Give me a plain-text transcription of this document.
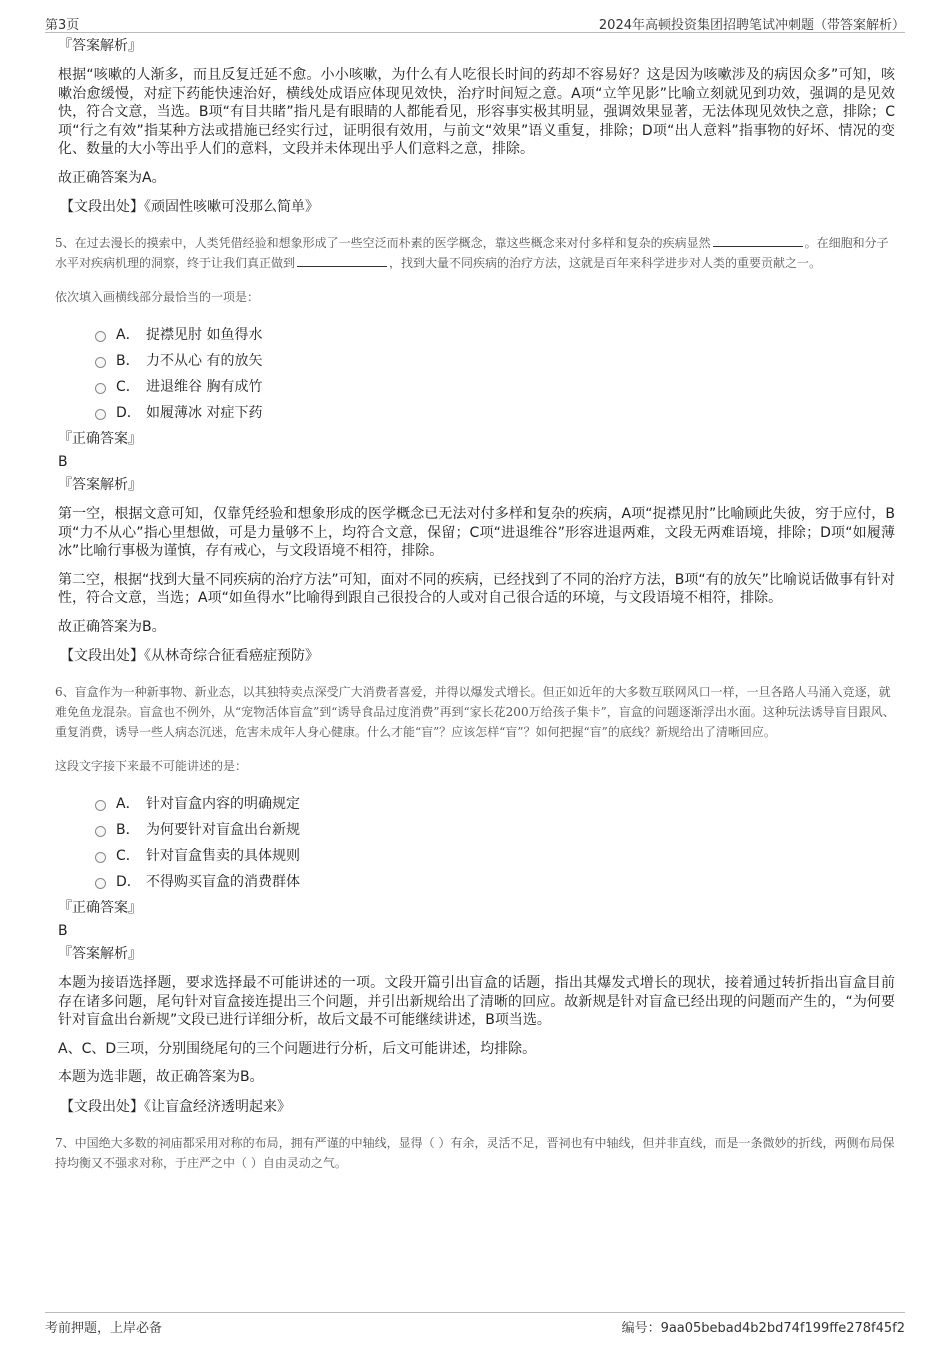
第3页	2024年高顿投资集团招聘笔试冲刺题（带答案解析）
『答案解析』
根据“咳嗽的人渐多，而且反复迁延不愈。小小咳嗽，为什么有人吃很长时间的药却不容易好？这是因为咳嗽涉及的病因众多”可知，咳嗽治愈缓慢，对症下药能快速治好，横线处成语应体现见效快，治疗时间短之意。A项“立竿见影”比喻立刻就见到功效，强调的是见效快，符合文意，当选。B项“有目共睹”指凡是有眼睛的人都能看见，形容事实极其明显，强调效果显著，无法体现见效快之意，排除；C项“行之有效”指某种方法或措施已经实行过，证明很有效用，与前文“效果”语义重复，排除；D项“出人意料”指事物的好坏、情况的变化、数量的大小等出乎人们的意料，文段并未体现出乎人们意料之意，排除。
故正确答案为A。
【文段出处】《顽固性咳嗽可没那么简单》
5、在过去漫长的摸索中，人类凭借经验和想象形成了一些空泛而朴素的医学概念，靠这些概念来对付多样和复杂的疾病显然	。在细胞和分子水平对疾病机理的洞察，终于让我们真正做到	，找到大量不同疾病的治疗方法，这就是百年来科学进步对人类的重要贡献之一。
依次填入画横线部分最恰当的一项是：
A． 捉襟见肘 如鱼得水
B． 力不从心 有的放矢
C． 进退维谷 胸有成竹
D． 如履薄冰 对症下药
『正确答案』
B
『答案解析』
第一空，根据文意可知，仅靠凭经验和想象形成的医学概念已无法对付多样和复杂的疾病，A项“捉襟见肘”比喻顾此失彼，穷于应付，B项“力不从心”指心里想做，可是力量够不上，均符合文意，保留；C项“进退维谷”形容进退两难，文段无两难语境，排除；D项“如履薄冰”比喻行事极为谨慎，存有戒心，与文段语境不相符，排除。
第二空，根据“找到大量不同疾病的治疗方法”可知，面对不同的疾病，已经找到了不同的治疗方法，B项“有的放矢”比喻说话做事有针对性，符合文意，当选；A项“如鱼得水”比喻得到跟自己很投合的人或对自己很合适的环境，与文段语境不相符，排除。
故正确答案为B。
【文段出处】《从林奇综合征看癌症预防》
6、盲盒作为一种新事物、新业态，以其独特卖点深受广大消费者喜爱，并得以爆发式增长。但正如近年的大多数互联网风口一样，一旦各路人马涌入竞逐，就难免鱼龙混杂。盲盒也不例外，从“宠物活体盲盒”到“诱导食品过度消费”再到“家长花200万给孩子集卡”，盲盒的问题逐渐浮出水面。这种玩法诱导盲目跟风、重复消费，诱导一些人病态沉迷，危害未成年人身心健康。什么才能“盲”？应该怎样“盲”？如何把握“盲”的底线？新规给出了清晰回应。
这段文字接下来最不可能讲述的是：
A． 针对盲盒内容的明确规定
B． 为何要针对盲盒出台新规
C． 针对盲盒售卖的具体规则
D． 不得购买盲盒的消费群体
『正确答案』
B
『答案解析』
本题为接语选择题，要求选择最不可能讲述的一项。文段开篇引出盲盒的话题，指出其爆发式增长的现状，接着通过转折指出盲盒目前存在诸多问题，尾句针对盲盒接连提出三个问题，并引出新规给出了清晰的回应。故新规是针对盲盒已经出现的问题而产生的，“为何要针对盲盒出台新规”文段已进行详细分析，故后文最不可能继续讲述，B项当选。
A、C、D三项，分别围绕尾句的三个问题进行分析，后文可能讲述，均排除。
本题为选非题，故正确答案为B。
【文段出处】《让盲盒经济透明起来》
7、中国绝大多数的祠庙都采用对称的布局，拥有严谨的中轴线，显得（ ）有余，灵活不足，晋祠也有中轴线，但并非直线，而是一条微妙的折线，两侧布局保持均衡又不强求对称，于庄严之中（ ）自由灵动之气。
考前押题，上岸必备	编号：9aa05bebad4b2bd74f199ffe278f45f2
